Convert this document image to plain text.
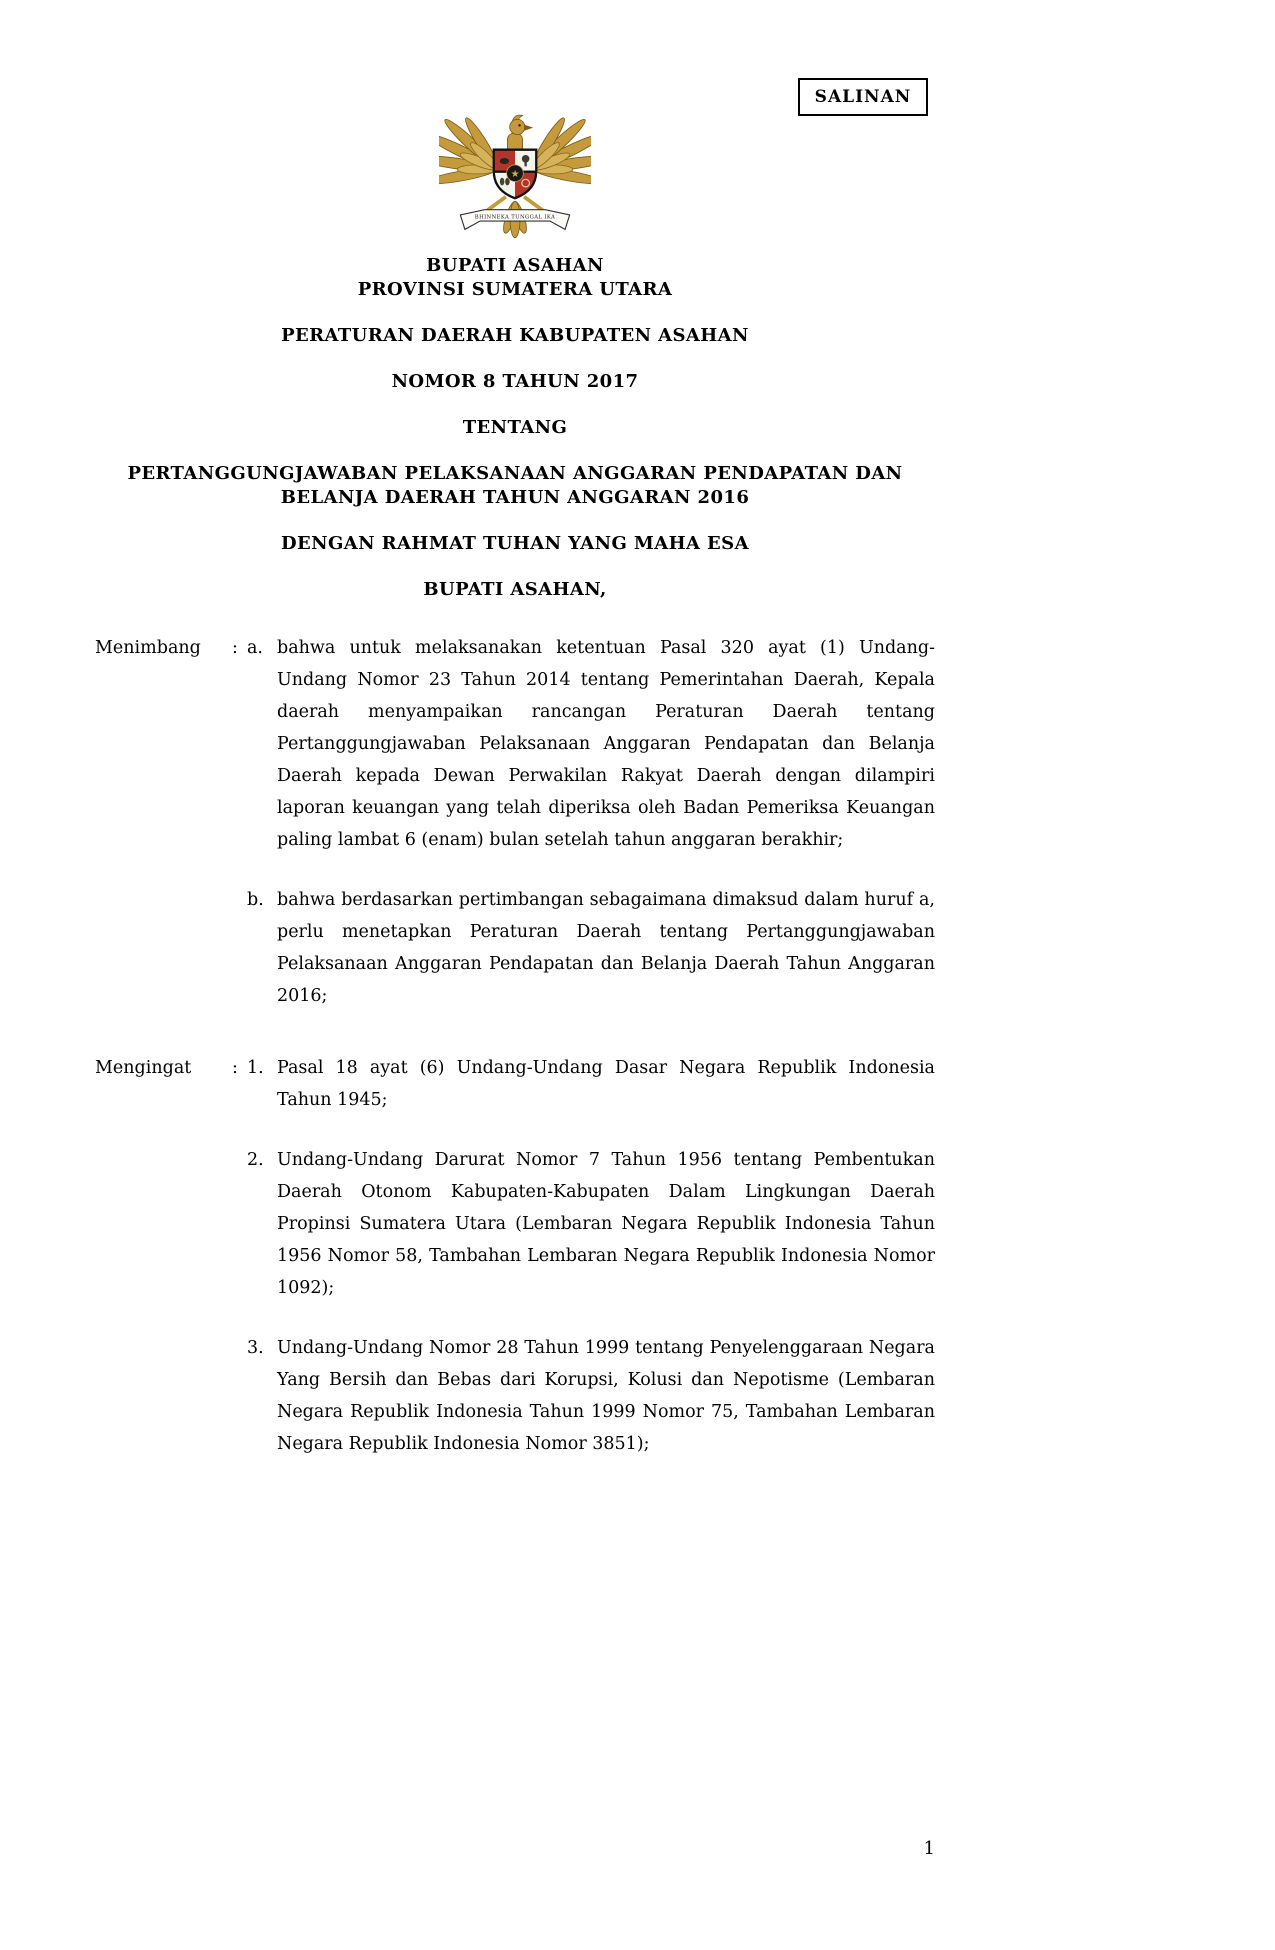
SALINAN
★
BHINNEKA TUNGGAL IKA
BUPATI ASAHAN
PROVINSI SUMATERA UTARA
PERATURAN DAERAH KABUPATEN ASAHAN
NOMOR 8 TAHUN 2017
TENTANG
PERTANGGUNGJAWABAN PELAKSANAAN ANGGARAN PENDAPATAN DAN BELANJA DAERAH TAHUN ANGGARAN 2016
DENGAN RAHMAT TUHAN YANG MAHA ESA
BUPATI ASAHAN,
Menimbang	: a. bahwa untuk melaksanakan ketentuan Pasal 320 ayat (1) Undang-Undang Nomor 23 Tahun 2014 tentang Pemerintahan Daerah, Kepala daerah menyampaikan rancangan Peraturan Daerah tentang Pertanggungjawaban Pelaksanaan Anggaran Pendapatan dan Belanja Daerah kepada Dewan Perwakilan Rakyat Daerah dengan dilampiri laporan keuangan yang telah diperiksa oleh Badan Pemeriksa Keuangan paling lambat 6 (enam) bulan setelah tahun anggaran berakhir;
b. bahwa berdasarkan pertimbangan sebagaimana dimaksud dalam huruf a, perlu menetapkan Peraturan Daerah tentang Pertanggungjawaban Pelaksanaan Anggaran Pendapatan dan Belanja Daerah Tahun Anggaran 2016;
Mengingat	: 1. Pasal 18 ayat (6) Undang-Undang Dasar Negara Republik Indonesia Tahun 1945;
2. Undang-Undang Darurat Nomor 7 Tahun 1956 tentang Pembentukan Daerah Otonom Kabupaten-Kabupaten Dalam Lingkungan Daerah Propinsi Sumatera Utara (Lembaran Negara Republik Indonesia Tahun 1956 Nomor 58, Tambahan Lembaran Negara Republik Indonesia Nomor 1092);
3. Undang-Undang Nomor 28 Tahun 1999 tentang Penyelenggaraan Negara Yang Bersih dan Bebas dari Korupsi, Kolusi dan Nepotisme (Lembaran Negara Republik Indonesia Tahun 1999 Nomor 75, Tambahan Lembaran Negara Republik Indonesia Nomor 3851);
1
